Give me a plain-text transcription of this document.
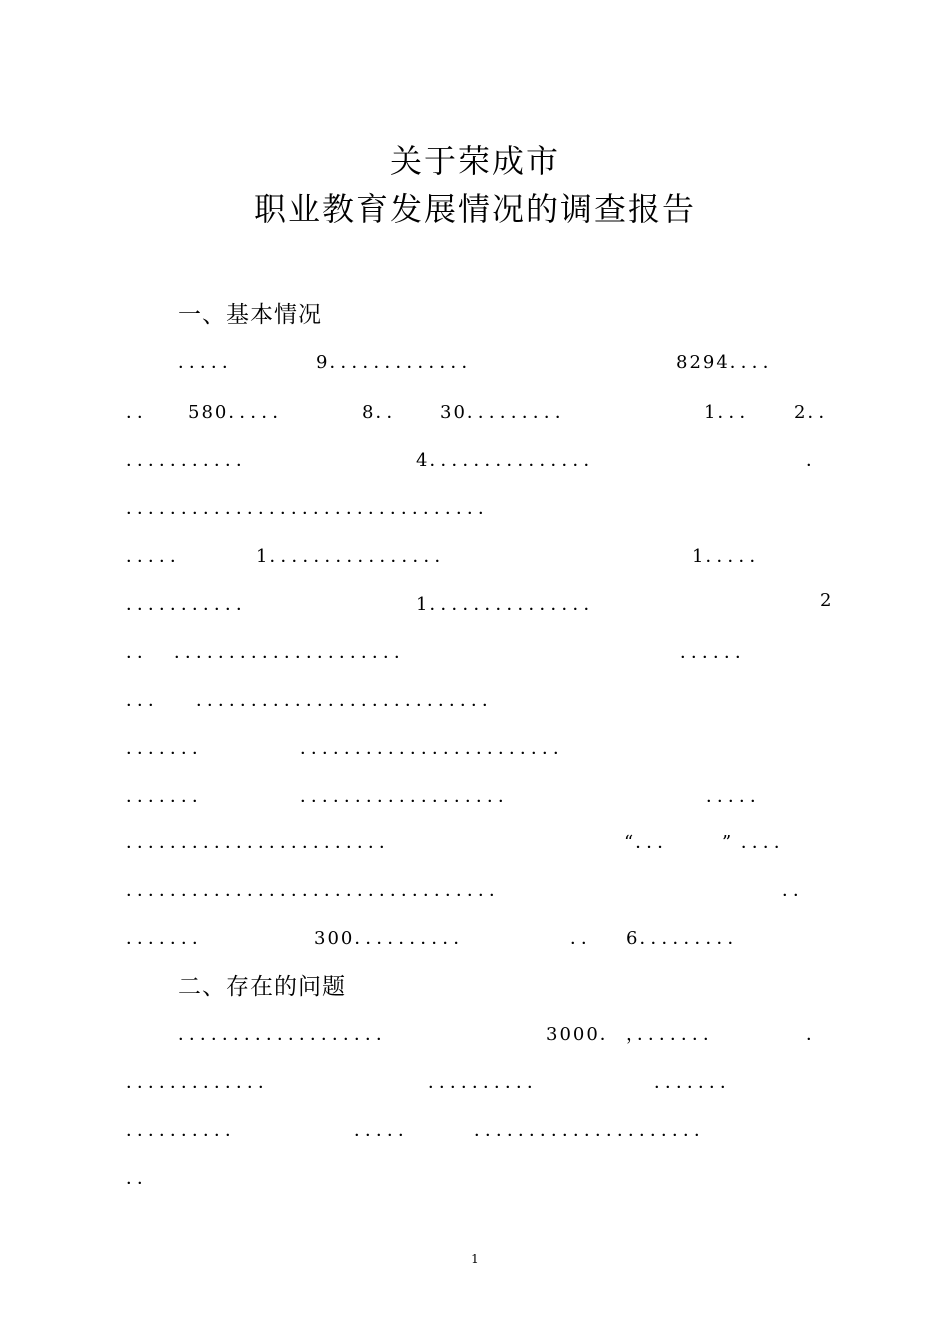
关于荣成市
职业教育发展情况的调查报告
一、基本情况
．．．．．	9．．．．．．．．．．．．．	8294．．．．
．． 580．．．．．	8．． 30．．．．．．．．．	1．．． 2．．
．．．．．．．．．．．	4．．．．．．．．．．．．．．．	．
．．．．．．．．．．．．．．．．．．．．．．．．．．．．．．．．．
．．．．．	1．．．．．．．．．．．．．．．．	1．．．．．
．．．．．．．．．．．	1．．．．．．．．．．．．．．．	2
．． ．．．．．．．．．．．．．．．．．．．．．	．．．．．．
．．． ．．．．．．．．．．．．．．．．．．．．．．．．．．．
．．．．．．．	．．．．．．．．．．．．．．．．．．．．．．．．
．．．．．．．	．．．．．．．．．．．．．．．．．．．	．．．．．
．．．．．．．．．．．．．．．．．．．．．．．．	“．．． ” ．．．．
．．．．．．．．．．．．．．．．．．．．．．．．．．．．．．．．．．	．．
．．．．．．．	300．．．．．．．．．．	．． 6．．．．．．．．．
二、存在的问题
．．．．．．．．．．．．．．．．．．．	3000． ，．．．．．．．	．
．．．．．．．．．．．．．	．．．．．．．．．．	．．．．．．．
．．．．．．．．．．	．．．．．	．．．．．．．．．．．．．．．．．．．．．
．．
1
